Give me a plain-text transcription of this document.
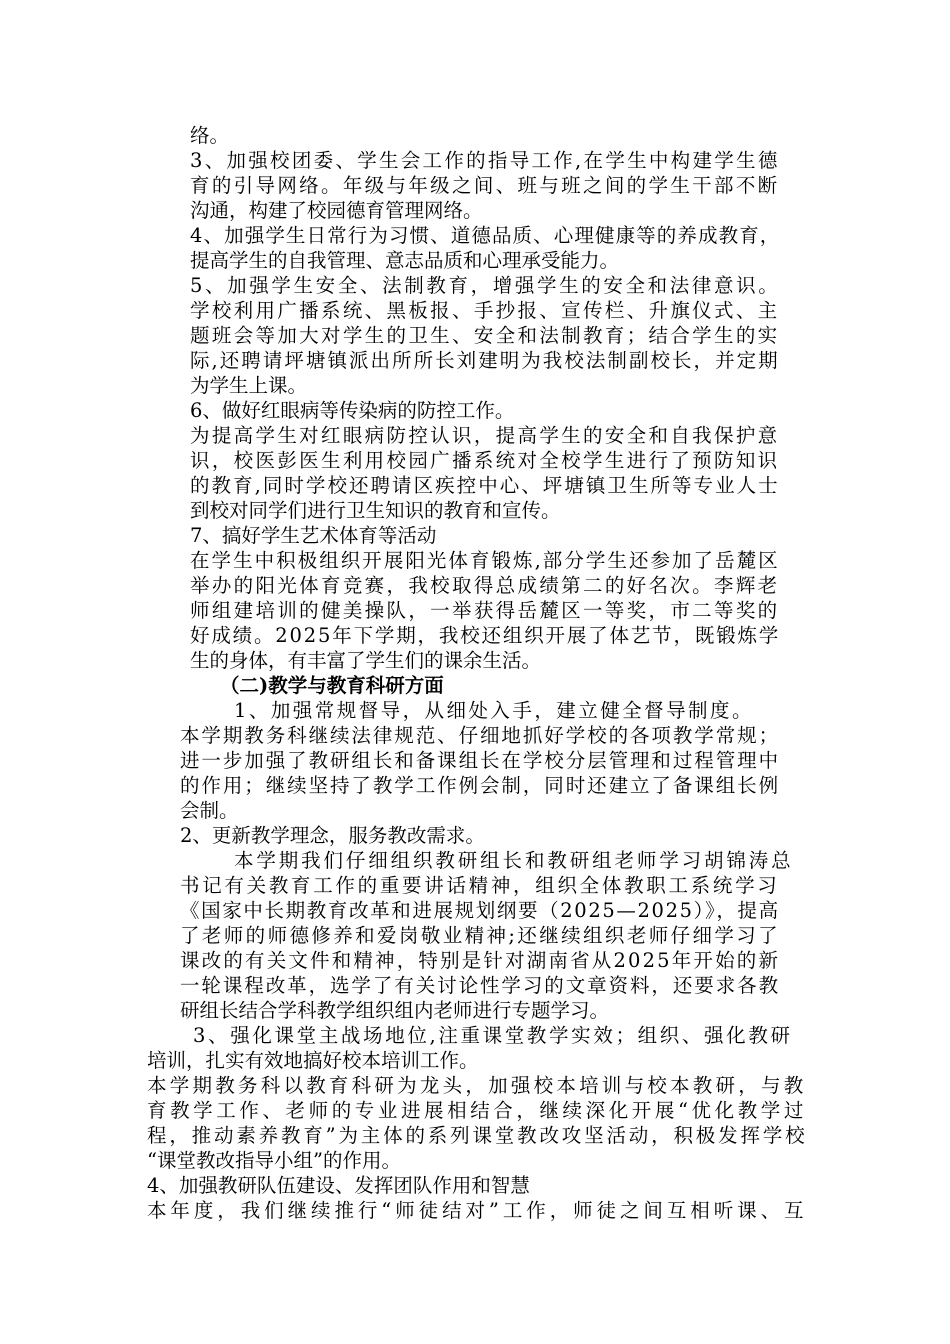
络。
3、加强校团委、学生会工作的指导工作,在学生中构建学生德
育的引导网络。年级与年级之间、班与班之间的学生干部不断
沟通，构建了校园德育管理网络。
4、加强学生日常行为习惯、道德品质、心理健康等的养成教育，
提高学生的自我管理、意志品质和心理承受能力。
5、加强学生安全、法制教育，增强学生的安全和法律意识。
学校利用广播系统、黑板报、手抄报、宣传栏、升旗仪式、主
题班会等加大对学生的卫生、安全和法制教育；结合学生的实
际,还聘请坪塘镇派出所所长刘建明为我校法制副校长，并定期
为学生上课。
6、做好红眼病等传染病的防控工作。
为提高学生对红眼病防控认识，提高学生的安全和自我保护意
识，校医彭医生利用校园广播系统对全校学生进行了预防知识
的教育,同时学校还聘请区疾控中心、坪塘镇卫生所等专业人士
到校对同学们进行卫生知识的教育和宣传。
7、搞好学生艺术体育等活动
在学生中积极组织开展阳光体育锻炼,部分学生还参加了岳麓区
举办的阳光体育竞赛，我校取得总成绩第二的好名次。李辉老
师组建培训的健美操队，一举获得岳麓区一等奖，市二等奖的
好成绩。2025年下学期，我校还组织开展了体艺节，既锻炼学
生的身体，有丰富了学生们的课余生活。
（二)教学与教育科研方面
1、加强常规督导，从细处入手，建立健全督导制度。
本学期教务科继续法律规范、仔细地抓好学校的各项教学常规；
进一步加强了教研组长和备课组长在学校分层管理和过程管理中
的作用；继续坚持了教学工作例会制，同时还建立了备课组长例
会制。
2、更新教学理念，服务教改需求。
本学期我们仔细组织教研组长和教研组老师学习胡锦涛总
书记有关教育工作的重要讲话精神，组织全体教职工系统学习
《国家中长期教育改革和进展规划纲要（2025—2025）》，提高
了老师的师德修养和爱岗敬业精神;还继续组织老师仔细学习了
课改的有关文件和精神，特别是针对湖南省从2025年开始的新
一轮课程改革，选学了有关讨论性学习的文章资料，还要求各教
研组长结合学科教学组织组内老师进行专题学习。
3、强化课堂主战场地位,注重课堂教学实效；组织、强化教研
培训，扎实有效地搞好校本培训工作。
本学期教务科以教育科研为龙头，加强校本培训与校本教研，与教
育教学工作、老师的专业进展相结合，继续深化开展“优化教学过
程，推动素养教育”为主体的系列课堂教改攻坚活动，积极发挥学校
“课堂教改指导小组”的作用。
4、加强教研队伍建设、发挥团队作用和智慧
本年度，我们继续推行“师徒结对”工作，师徒之间互相听课、互
